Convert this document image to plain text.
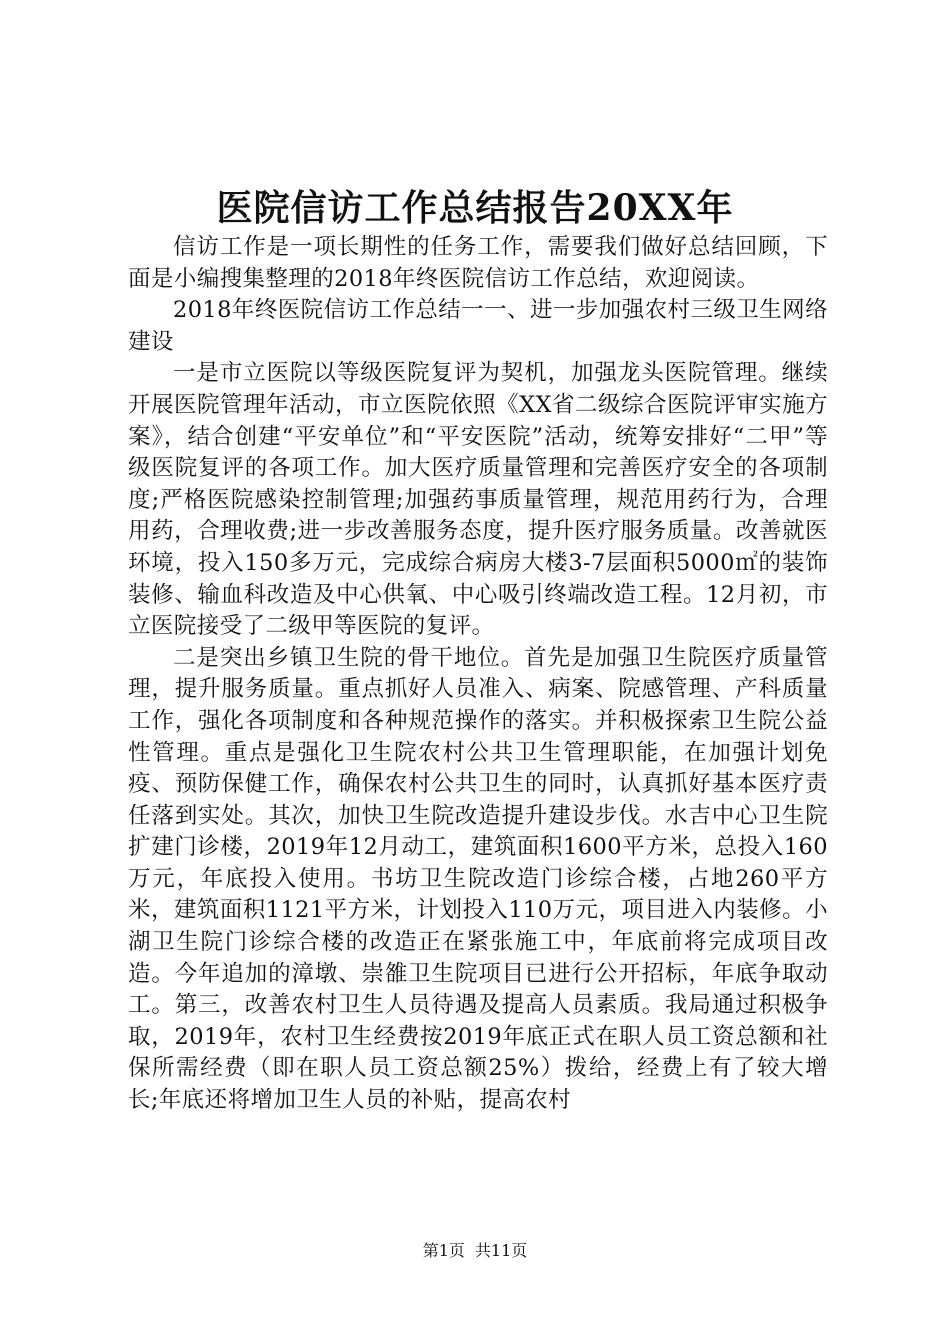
医院信访工作总结报告20XX年

信访工作是一项长期性的任务工作，需要我们做好总结回顾，下面是小编搜集整理的2018年终医院信访工作总结，欢迎阅读。

2018年终医院信访工作总结一一、进一步加强农村三级卫生网络建设

一是市立医院以等级医院复评为契机，加强龙头医院管理。继续开展医院管理年活动，市立医院依照《XX省二级综合医院评审实施方案》，结合创建“平安单位”和“平安医院”活动，统筹安排好“二甲”等级医院复评的各项工作。加大医疗质量管理和完善医疗安全的各项制度;严格医院感染控制管理;加强药事质量管理，规范用药行为，合理用药，合理收费;进一步改善服务态度，提升医疗服务质量。改善就医环境，投入150多万元，完成综合病房大楼3-7层面积5000㎡的装饰装修、输血科改造及中心供氧、中心吸引终端改造工程。12月初，市立医院接受了二级甲等医院的复评。

二是突出乡镇卫生院的骨干地位。首先是加强卫生院医疗质量管理，提升服务质量。重点抓好人员准入、病案、院感管理、产科质量工作，强化各项制度和各种规范操作的落实。并积极探索卫生院公益性管理。重点是强化卫生院农村公共卫生管理职能，在加强计划免疫、预防保健工作，确保农村公共卫生的同时，认真抓好基本医疗责任落到实处。其次，加快卫生院改造提升建设步伐。水吉中心卫生院扩建门诊楼，2019年12月动工，建筑面积1600平方米，总投入160万元，年底投入使用。书坊卫生院改造门诊综合楼，占地260平方米，建筑面积1121平方米，计划投入110万元，项目进入内装修。小湖卫生院门诊综合楼的改造正在紧张施工中，年底前将完成项目改造。今年追加的漳墩、崇雒卫生院项目已进行公开招标，年底争取动工。第三，改善农村卫生人员待遇及提高人员素质。我局通过积极争取，2019年，农村卫生经费按2019年底正式在职人员工资总额和社保所需经费（即在职人员工资总额25%）拨给，经费上有了较大增长;年底还将增加卫生人员的补贴，提高农村

第1页 共11页
